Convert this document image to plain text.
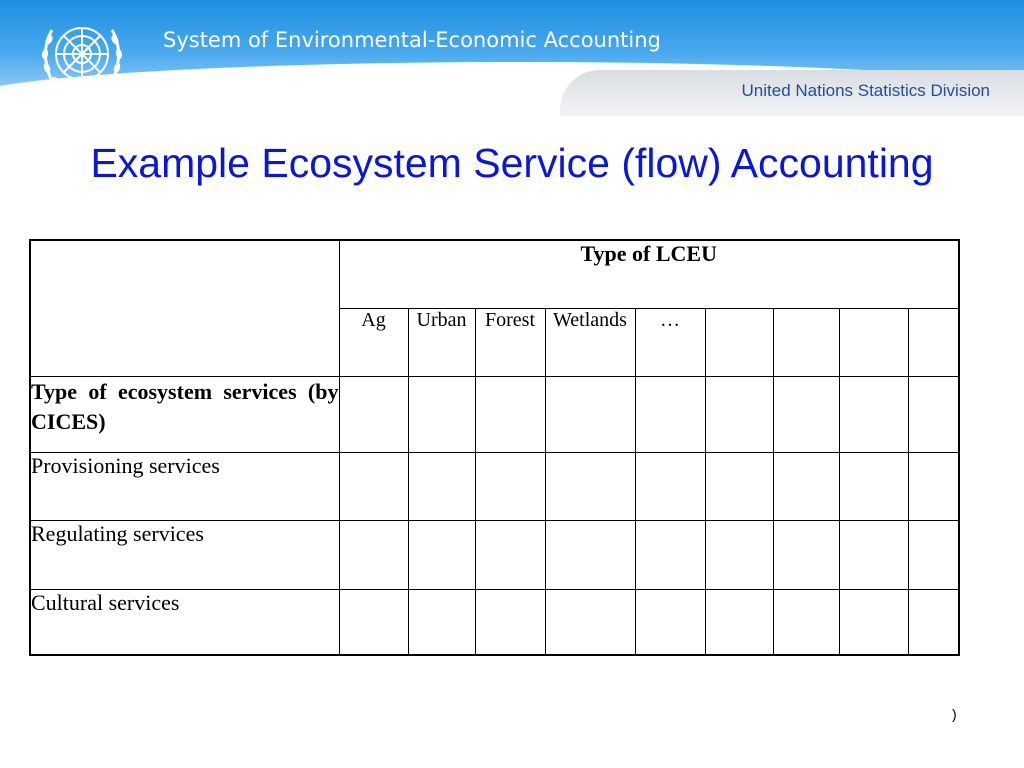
System of Environmental-Economic Accounting
United Nations Statistics Division
Example Ecosystem Service (flow) Accounting
	Type of LCEU								
	Ag	Urban	Forest	Wetlands	…				
Type of ecosystem services (by CICES)									
Provisioning services									
Regulating services									
Cultural services									
)
